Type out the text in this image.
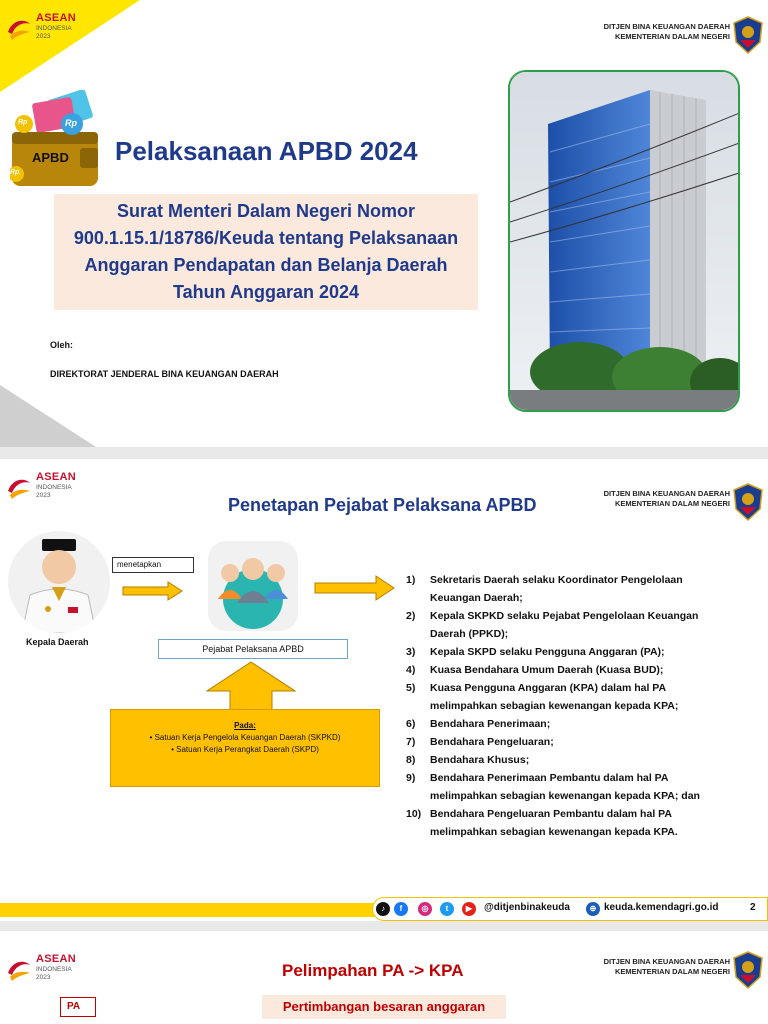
ASEAN
INDONESIA
2023
DITJEN BINA KEUANGAN DAERAH
KEMENTERIAN DALAM NEGERI
APBD
Rp	Rp
Rp
Pelaksanaan APBD 2024
Surat Menteri Dalam Negeri Nomor 900.1.15.1/18786/Keuda tentang Pelaksanaan Anggaran Pendapatan dan Belanja Daerah Tahun Anggaran 2024
Oleh:
DIREKTORAT JENDERAL BINA KEUANGAN DAERAH
ASEAN
INDONESIA
2023	DITJEN BINA KEUANGAN DAERAH
KEMENTERIAN DALAM NEGERI
Penetapan Pejabat Pelaksana APBD
Kepala Daerah
menetapkan
Pejabat Pelaksana APBD
Pada:
• Satuan Kerja Pengelola Keuangan Daerah (SKPKD)
• Satuan Kerja Perangkat Daerah (SKPD)
1)	Sekretaris Daerah selaku Koordinator Pengelolaan
Keuangan Daerah;
2)	Kepala SKPKD selaku Pejabat Pengelolaan Keuangan
Daerah (PPKD);
3)	Kepala SKPD selaku Pengguna Anggaran (PA);
4)	Kuasa Bendahara Umum Daerah (Kuasa BUD);
5)	Kuasa Pengguna Anggaran (KPA) dalam hal PA
melimpahkan sebagian kewenangan kepada KPA;
6)	Bendahara Penerimaan;
7)	Bendahara Pengeluaran;
8)	Bendahara Khusus;
9)	Bendahara Penerimaan Pembantu dalam hal PA
melimpahkan sebagian kewenangan kepada KPA; dan
10) Bendahara Pengeluaran Pembantu dalam hal PA
melimpahkan sebagian kewenangan kepada KPA.
♪	f	◎	t	▶	@ditjenbinakeuda	⊕ keuda.kemendagri.go.id	2
ASEAN
INDONESIA
2023
DITJEN BINA KEUANGAN DAERAH
KEMENTERIAN DALAM NEGERI
Pelimpahan PA -> KPA
PA	Pertimbangan besaran anggaran
